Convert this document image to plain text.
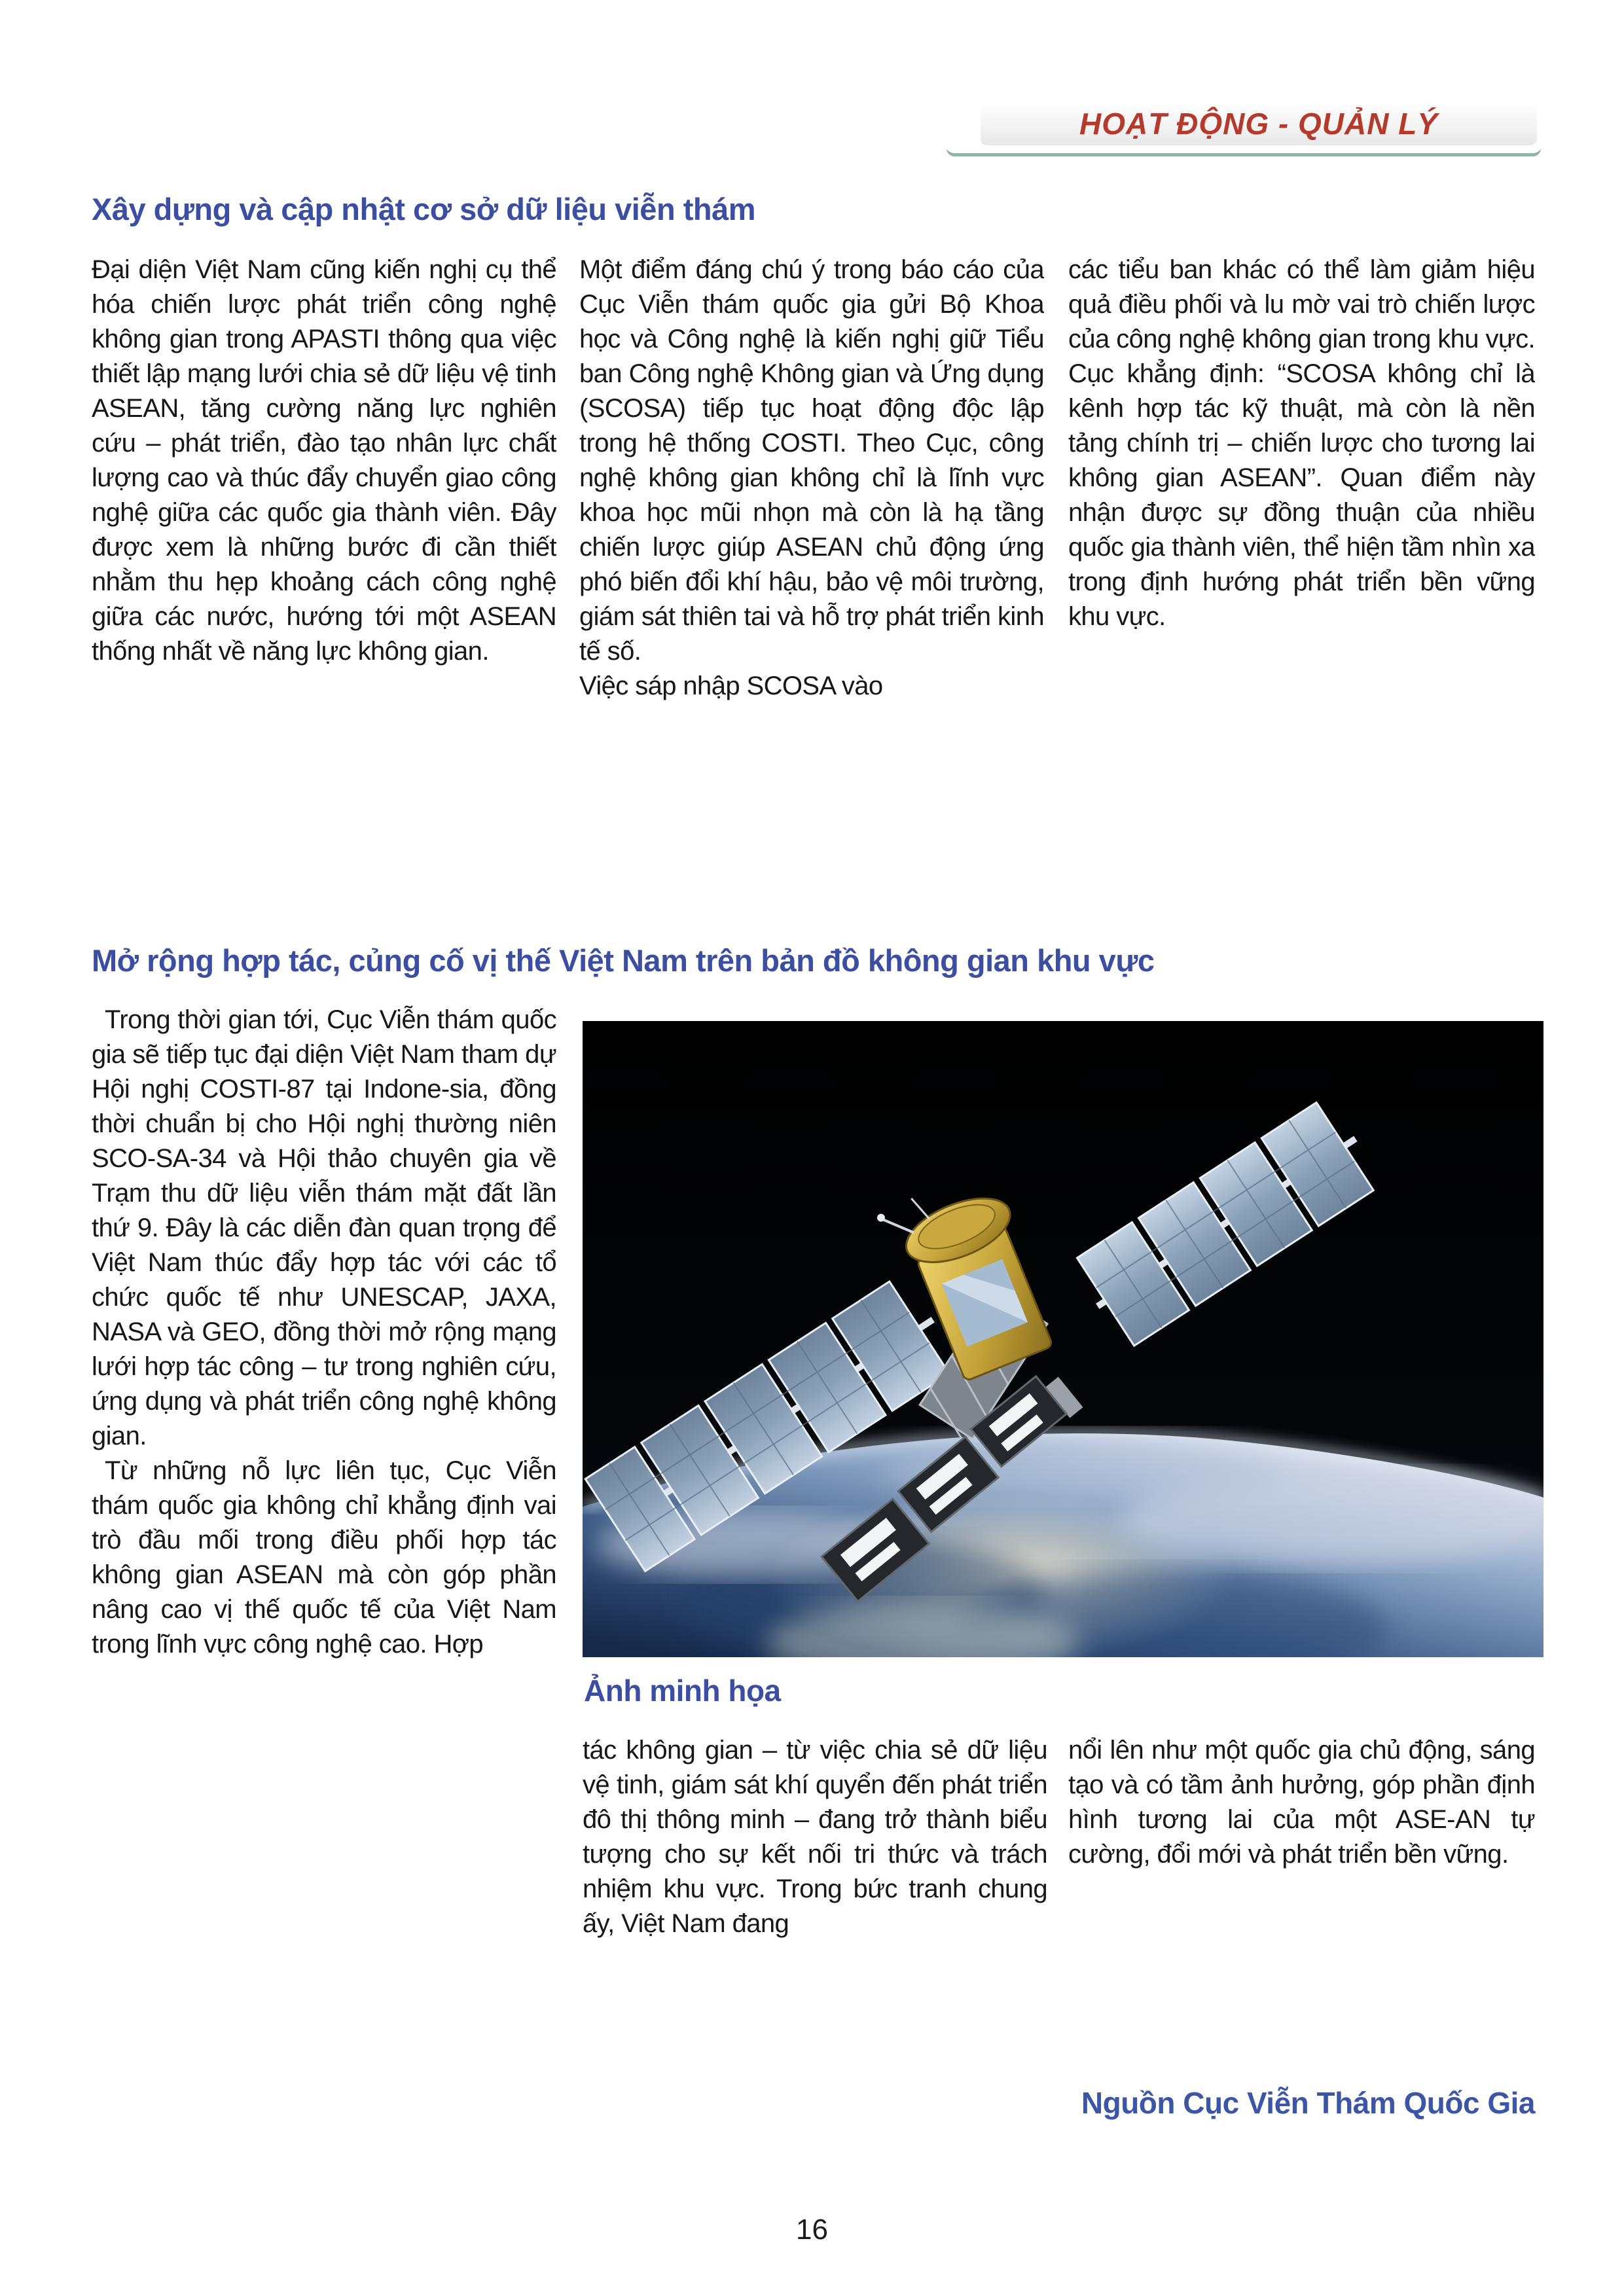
HOẠT ĐỘNG - QUẢN LÝ
Xây dựng và cập nhật cơ sở dữ liệu viễn thám

Đại diện Việt Nam cũng kiến nghị cụ thể hóa chiến lược phát triển công nghệ không gian trong APASTI thông qua việc thiết lập mạng lưới chia sẻ dữ liệu vệ tinh ASEAN, tăng cường năng lực nghiên cứu – phát triển, đào tạo nhân lực chất lượng cao và thúc đẩy chuyển giao công nghệ giữa các quốc gia thành viên. Đây được xem là những bước đi cần thiết nhằm thu hẹp khoảng cách công nghệ giữa các nước, hướng tới một ASEAN thống nhất về năng lực không gian.

Một điểm đáng chú ý trong báo cáo của Cục Viễn thám quốc gia gửi Bộ Khoa học và Công nghệ là kiến nghị giữ Tiểu ban Công nghệ Không gian và Ứng dụng (SCOSA) tiếp tục hoạt động độc lập trong hệ thống COSTI. Theo Cục, công nghệ không gian không chỉ là lĩnh vực khoa học mũi nhọn mà còn là hạ tầng chiến lược giúp ASEAN chủ động ứng phó biến đổi khí hậu, bảo vệ môi trường, giám sát thiên tai và hỗ trợ phát triển kinh tế số.

Việc sáp nhập SCOSA vào

các tiểu ban khác có thể làm giảm hiệu quả điều phối và lu mờ vai trò chiến lược của công nghệ không gian trong khu vực. Cục khẳng định: “SCOSA không chỉ là kênh hợp tác kỹ thuật, mà còn là nền tảng chính trị – chiến lược cho tương lai không gian ASEAN”. Quan điểm này nhận được sự đồng thuận của nhiều quốc gia thành viên, thể hiện tầm nhìn xa trong định hướng phát triển bền vững khu vực.

Mở rộng hợp tác, củng cố vị thế Việt Nam trên bản đồ không gian khu vực

Trong thời gian tới, Cục Viễn thám quốc gia sẽ tiếp tục đại diện Việt Nam tham dự Hội nghị COSTI-87 tại Indone-sia, đồng thời chuẩn bị cho Hội nghị thường niên SCO-SA-34 và Hội thảo chuyên gia về Trạm thu dữ liệu viễn thám mặt đất lần thứ 9. Đây là các diễn đàn quan trọng để Việt Nam thúc đẩy hợp tác với các tổ chức quốc tế như UNESCAP, JAXA, NASA và GEO, đồng thời mở rộng mạng lưới hợp tác công – tư trong nghiên cứu, ứng dụng và phát triển công nghệ không gian.

Từ những nỗ lực liên tục, Cục Viễn thám quốc gia không chỉ khẳng định vai trò đầu mối trong điều phối hợp tác không gian ASEAN mà còn góp phần nâng cao vị thế quốc tế của Việt Nam trong lĩnh vực công nghệ cao. Hợp

Ảnh minh họa

tác không gian – từ việc chia sẻ dữ liệu vệ tinh, giám sát khí quyển đến phát triển đô thị thông minh – đang trở thành biểu tượng cho sự kết nối tri thức và trách nhiệm khu vực. Trong bức tranh chung ấy, Việt Nam đang

nổi lên như một quốc gia chủ động, sáng tạo và có tầm ảnh hưởng, góp phần định hình tương lai của một ASE-AN tự cường, đổi mới và phát triển bền vững.

Nguồn Cục Viễn Thám Quốc Gia
16
